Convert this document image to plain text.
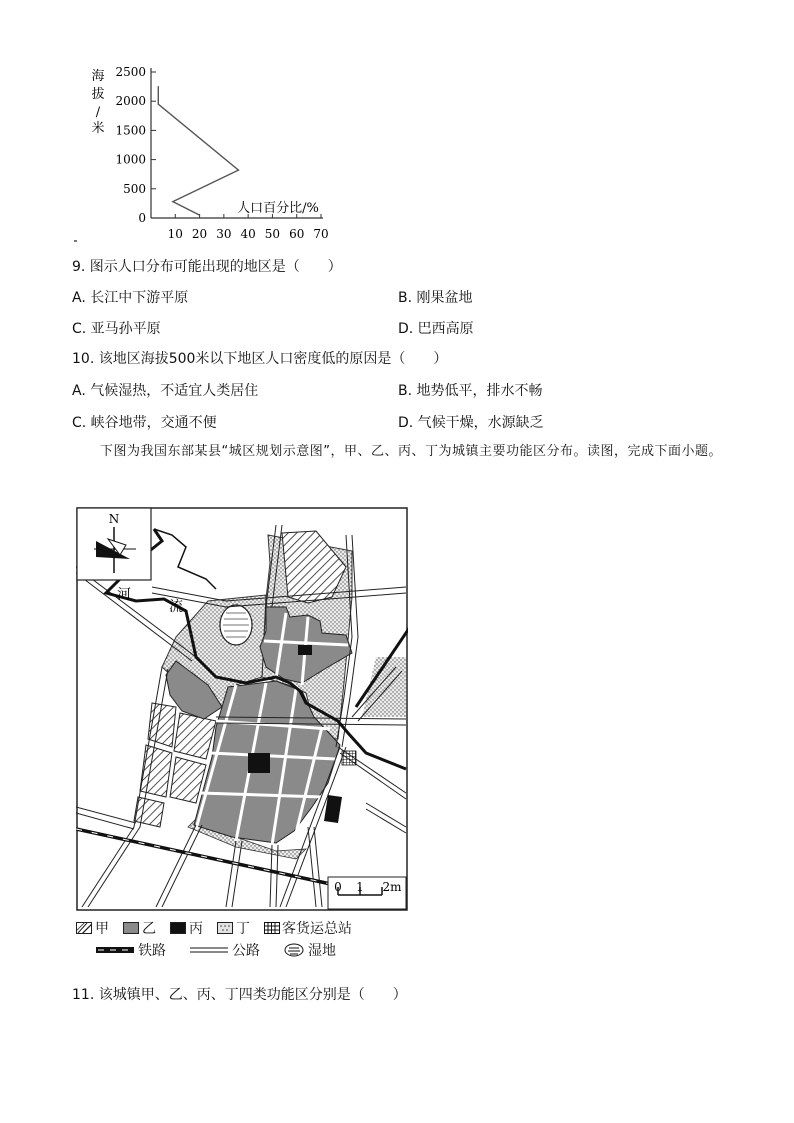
0
500
1000
1500
2000
2500
10 20 30 40 50 60 70
海
拔
/
米
人口百分比/%
9. 图示人口分布可能出现的地区是（　　）
A. 长江中下游平原	B. 刚果盆地
C. 亚马孙平原	D. 巴西高原
10. 该地区海拔500米以下地区人口密度低的原因是（　　）
A. 气候湿热，不适宜人类居住	B. 地势低平，排水不畅
C. 峡谷地带，交通不便	D. 气候干燥，水源缺乏
下图为我国东部某县“城区规划示意图”，甲、乙、丙、丁为城镇主要功能区分布。读图，完成下面小题。
河
流
N
0 1 2m
甲 乙 丙 丁 客货运总站
铁路	公路	湿地
11. 该城镇甲、乙、丙、丁四类功能区分别是（　　）
